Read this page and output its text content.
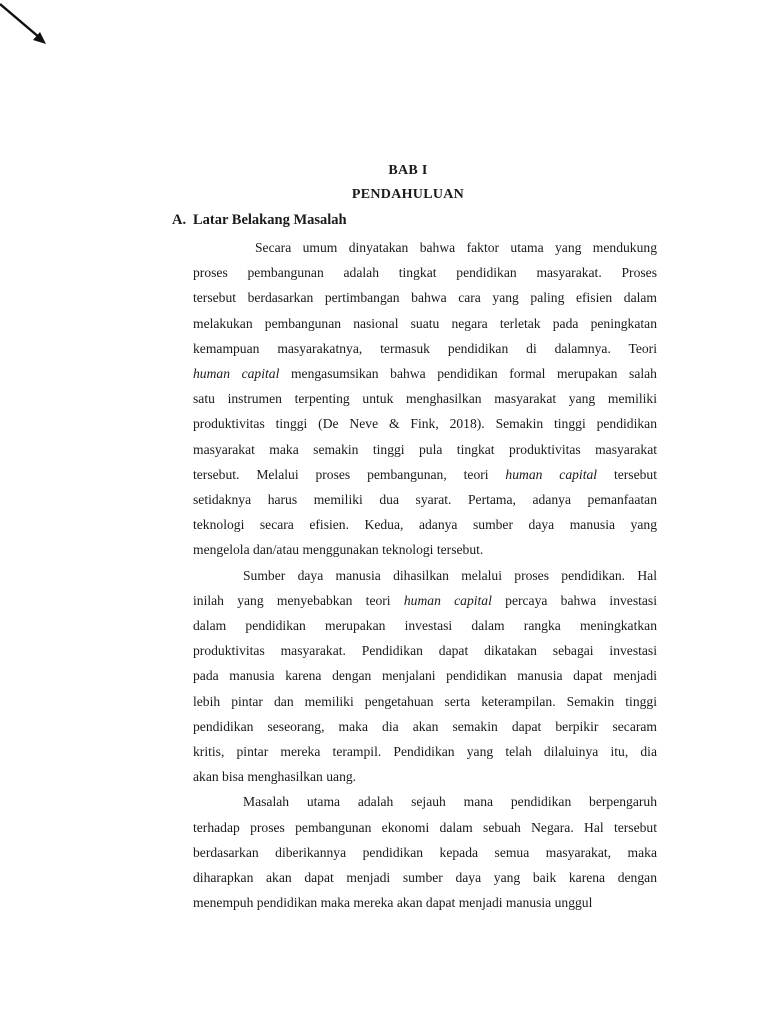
BAB I
PENDAHULUAN
A. Latar Belakang Masalah
Secara umum dinyatakan bahwa faktor utama yang mendukung
proses pembangunan adalah tingkat pendidikan masyarakat. Proses
tersebut berdasarkan pertimbangan bahwa cara yang paling efisien dalam
melakukan pembangunan nasional suatu negara terletak pada peningkatan
kemampuan masyarakatnya, termasuk pendidikan di dalamnya. Teori
human capital mengasumsikan bahwa pendidikan formal merupakan salah
satu instrumen terpenting untuk menghasilkan masyarakat yang memiliki
produktivitas tinggi (De Neve & Fink, 2018). Semakin tinggi pendidikan
masyarakat maka semakin tinggi pula tingkat produktivitas masyarakat
tersebut. Melalui proses pembangunan, teori human capital tersebut
setidaknya harus memiliki dua syarat. Pertama, adanya pemanfaatan
teknologi secara efisien. Kedua, adanya sumber daya manusia yang
mengelola dan/atau menggunakan teknologi tersebut.
Sumber daya manusia dihasilkan melalui proses pendidikan. Hal
inilah yang menyebabkan teori human capital percaya bahwa investasi
dalam pendidikan merupakan investasi dalam rangka meningkatkan
produktivitas masyarakat. Pendidikan dapat dikatakan sebagai investasi
pada manusia karena dengan menjalani pendidikan manusia dapat menjadi
lebih pintar dan memiliki pengetahuan serta keterampilan. Semakin tinggi
pendidikan seseorang, maka dia akan semakin dapat berpikir secaram
kritis, pintar mereka terampil. Pendidikan yang telah dilaluinya itu, dia
akan bisa menghasilkan uang.
Masalah utama adalah sejauh mana pendidikan berpengaruh
terhadap proses pembangunan ekonomi dalam sebuah Negara. Hal tersebut
berdasarkan diberikannya pendidikan kepada semua masyarakat, maka
diharapkan akan dapat menjadi sumber daya yang baik karena dengan
menempuh pendidikan maka mereka akan dapat menjadi manusia unggul
